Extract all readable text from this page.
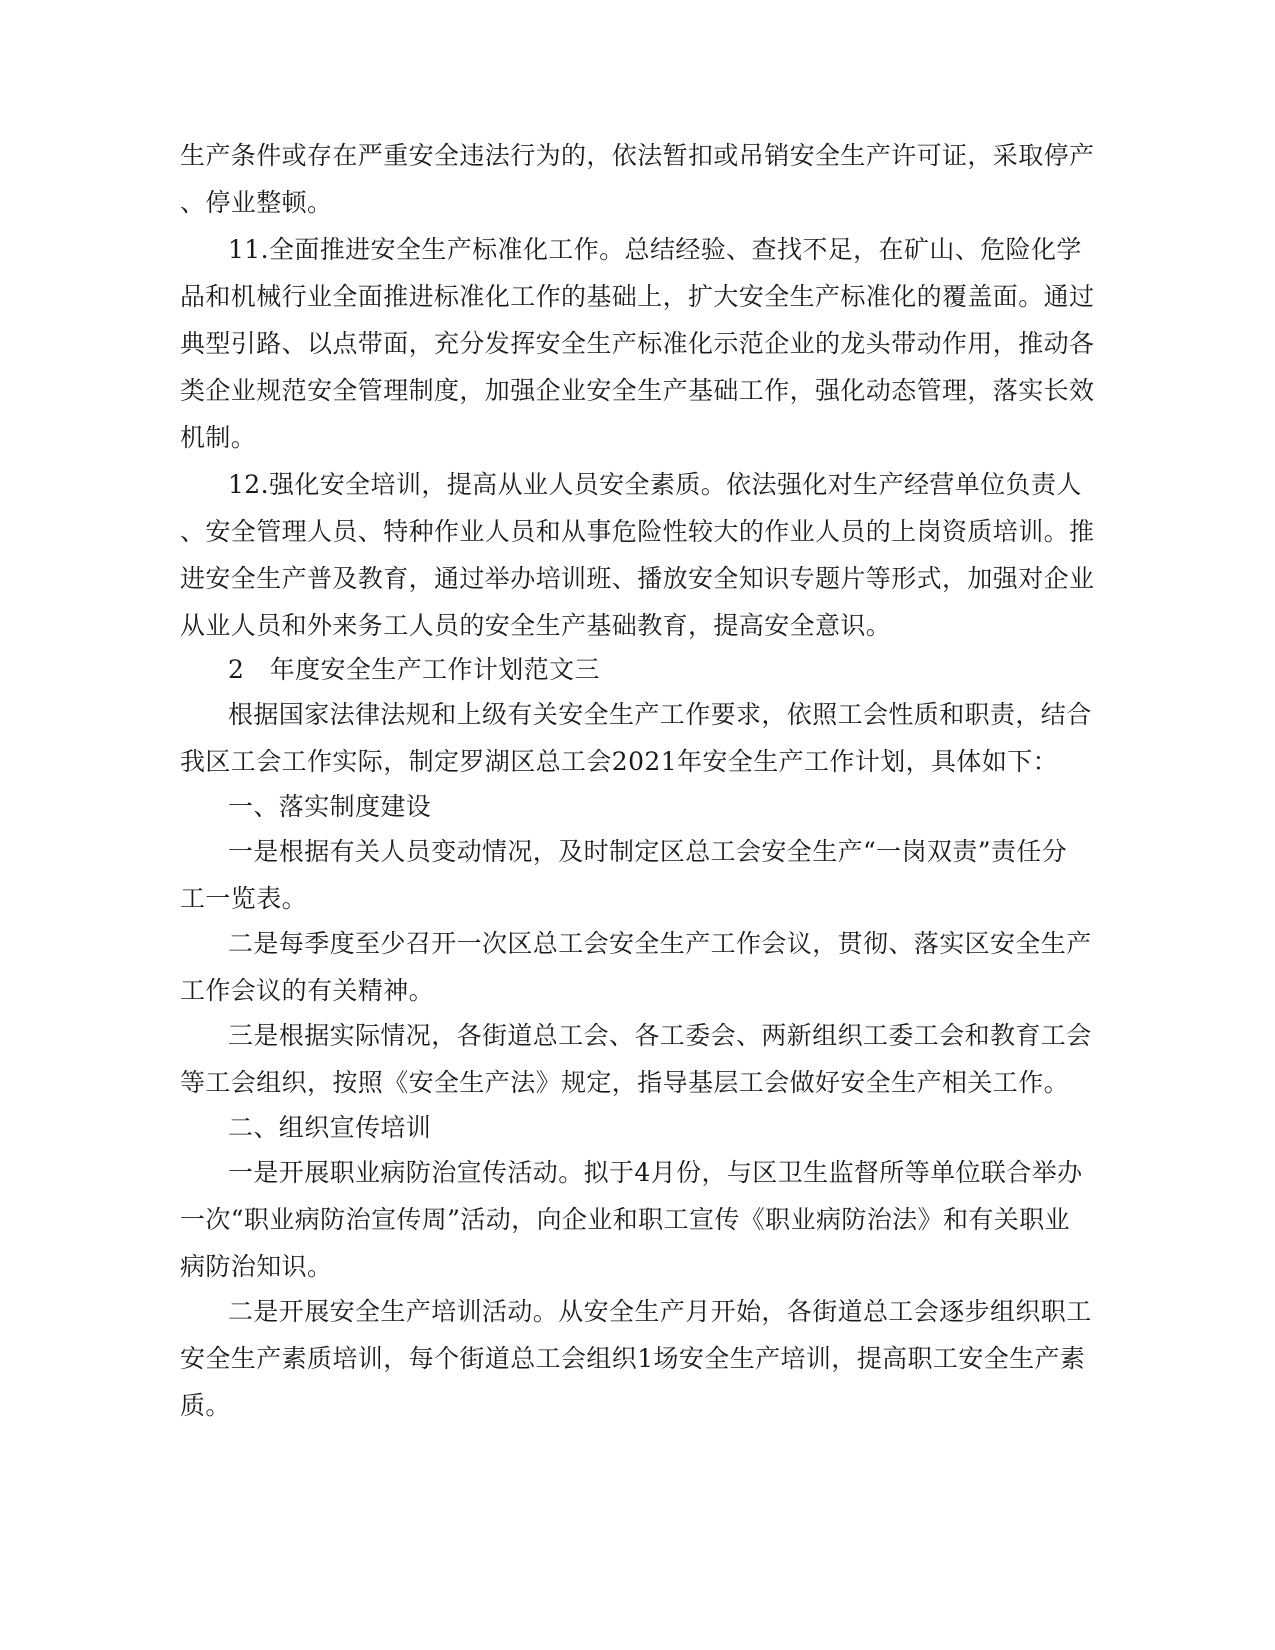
生产条件或存在严重安全违法行为的，依法暂扣或吊销安全生产许可证，采取停产
、停业整顿。
11.全面推进安全生产标准化工作。总结经验、查找不足，在矿山、危险化学
品和机械行业全面推进标准化工作的基础上，扩大安全生产标准化的覆盖面。通过
典型引路、以点带面，充分发挥安全生产标准化示范企业的龙头带动作用，推动各
类企业规范安全管理制度，加强企业安全生产基础工作，强化动态管理，落实长效
机制。
12.强化安全培训，提高从业人员安全素质。依法强化对生产经营单位负责人
、安全管理人员、特种作业人员和从事危险性较大的作业人员的上岗资质培训。推
进安全生产普及教育，通过举办培训班、播放安全知识专题片等形式，加强对企业
从业人员和外来务工人员的安全生产基础教育，提高安全意识。
2　年度安全生产工作计划范文三
根据国家法律法规和上级有关安全生产工作要求，依照工会性质和职责，结合
我区工会工作实际，制定罗湖区总工会2021年安全生产工作计划，具体如下：
一、落实制度建设
一是根据有关人员变动情况，及时制定区总工会安全生产“一岗双责”责任分
工一览表。
二是每季度至少召开一次区总工会安全生产工作会议，贯彻、落实区安全生产
工作会议的有关精神。
三是根据实际情况，各街道总工会、各工委会、两新组织工委工会和教育工会
等工会组织，按照《安全生产法》规定，指导基层工会做好安全生产相关工作。
二、组织宣传培训
一是开展职业病防治宣传活动。拟于4月份，与区卫生监督所等单位联合举办
一次“职业病防治宣传周”活动，向企业和职工宣传《职业病防治法》和有关职业
病防治知识。
二是开展安全生产培训活动。从安全生产月开始，各街道总工会逐步组织职工
安全生产素质培训，每个街道总工会组织1场安全生产培训，提高职工安全生产素
质。
